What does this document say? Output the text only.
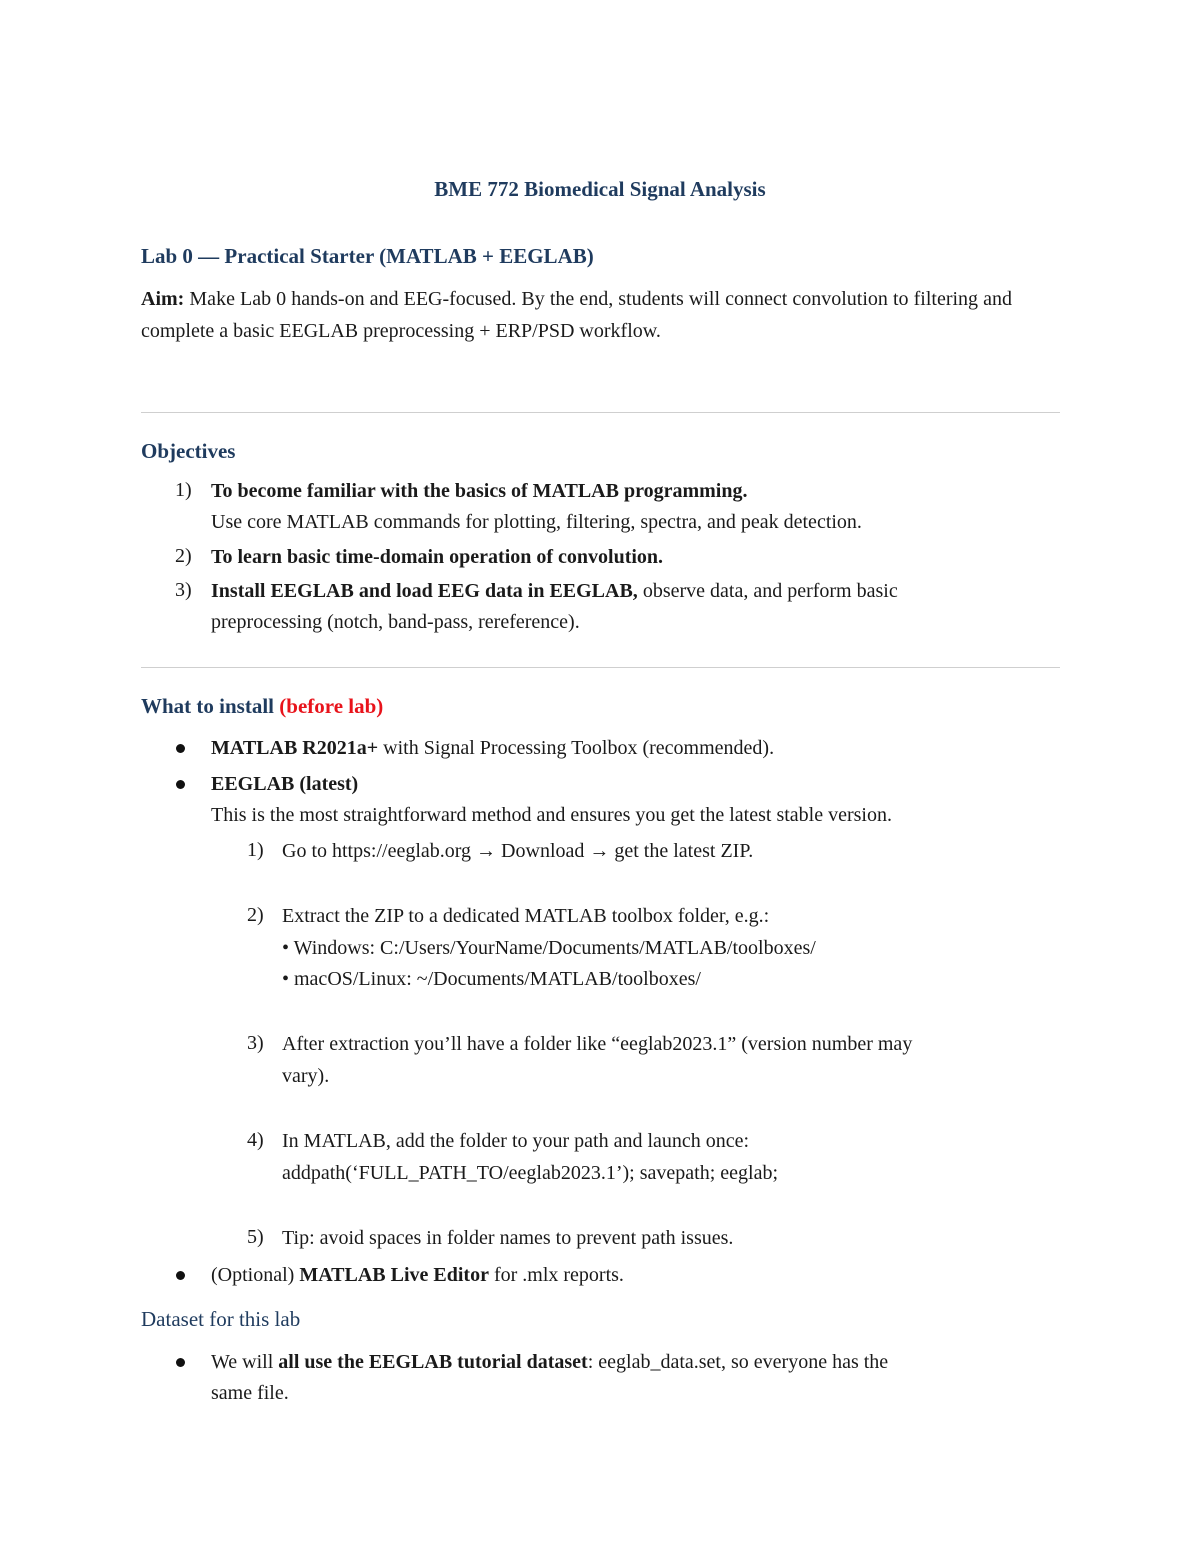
BME 772 Biomedical Signal Analysis
Lab 0 — Practical Starter (MATLAB + EEGLAB)
Aim: Make Lab 0 hands-on and EEG-focused. By the end, students will connect convolution to filtering and complete a basic EEGLAB preprocessing + ERP/PSD workflow.
Objectives
1) To become familiar with the basics of MATLAB programming.
Use core MATLAB commands for plotting, filtering, spectra, and peak detection.
2) To learn basic time-domain operation of convolution.
3) Install EEGLAB and load EEG data in EEGLAB, observe data, and perform basic
preprocessing (notch, band-pass, rereference).
What to install (before lab)
MATLAB R2021a+ with Signal Processing Toolbox (recommended).
EEGLAB (latest)
This is the most straightforward method and ensures you get the latest stable version.
1) Go to https://eeglab.org → Download → get the latest ZIP.
2) Extract the ZIP to a dedicated MATLAB toolbox folder, e.g.:
• Windows: C:/Users/YourName/Documents/MATLAB/toolboxes/
• macOS/Linux: ~/Documents/MATLAB/toolboxes/
3) After extraction you’ll have a folder like “eeglab2023.1” (version number may
vary).
4) In MATLAB, add the folder to your path and launch once:
addpath(‘FULL_PATH_TO/eeglab2023.1’); savepath; eeglab;
5) Tip: avoid spaces in folder names to prevent path issues.
(Optional) MATLAB Live Editor for .mlx reports.
Dataset for this lab
We will all use the EEGLAB tutorial dataset: eeglab_data.set, so everyone has the
same file.
